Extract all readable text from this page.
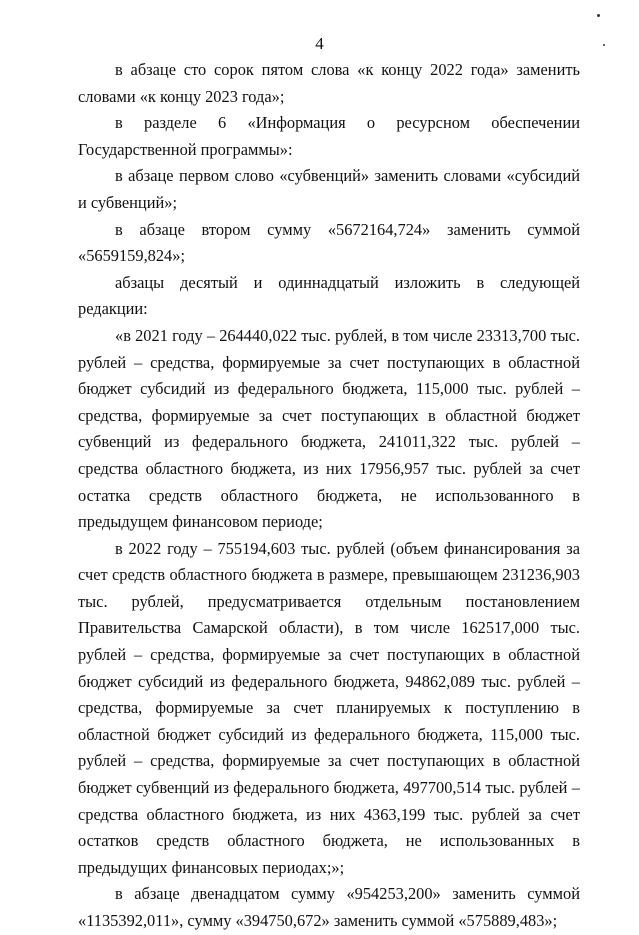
4

в абзаце сто сорок пятом слова «к концу 2022 года» заменить словами «к концу 2023 года»;

в разделе 6 «Информация о ресурсном обеспечении Государственной программы»:

в абзаце первом слово «субвенций» заменить словами «субсидий и субвенций»;

в абзаце втором сумму «5672164,724» заменить суммой «5659159,824»;

абзацы десятый и одиннадцатый изложить в следующей редакции:

«в 2021 году – 264440,022 тыс. рублей, в том числе 23313,700 тыс. рублей – средства, формируемые за счет поступающих в областной бюджет субсидий из федерального бюджета, 115,000 тыс. рублей – средства, формируемые за счет поступающих в областной бюджет субвенций из федерального бюджета, 241011,322 тыс. рублей – средства областного бюджета, из них 17956,957 тыс. рублей за счет остатка средств областного бюджета, не использованного в предыдущем финансовом периоде;

в 2022 году – 755194,603 тыс. рублей (объем финансирования за счет средств областного бюджета в размере, превышающем 231236,903 тыс. рублей, предусматривается отдельным постановлением Правительства Самарской области), в том числе 162517,000 тыс. рублей – средства, формируемые за счет поступающих в областной бюджет субсидий из федерального бюджета, 94862,089 тыс. рублей – средства, формируемые за счет планируемых к поступлению в областной бюджет субсидий из федерального бюджета, 115,000 тыс. рублей – средства, формируемые за счет поступающих в областной бюджет субвенций из федерального бюджета, 497700,514 тыс. рублей – средства областного бюджета, из них 4363,199 тыс. рублей за счет остатков средств областного бюджета, не использованных в предыдущих финансовых периодах;»;

в абзаце двенадцатом сумму «954253,200» заменить суммой «1135392,011», сумму «394750,672» заменить суммой «575889,483»;
